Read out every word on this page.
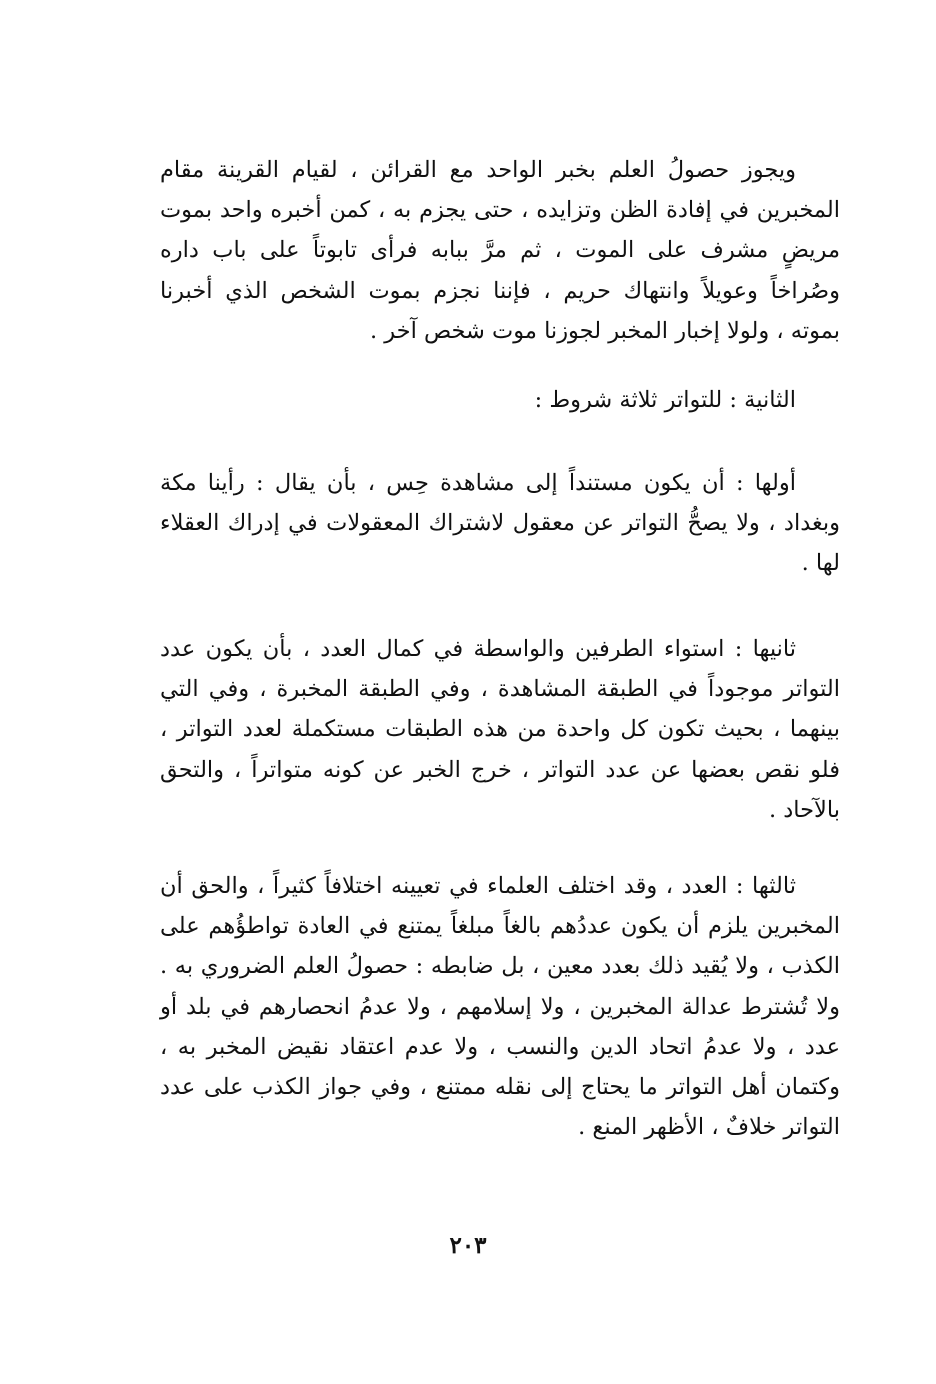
ويجوز حصولُ العلم بخبر الواحد مع القرائن ، لقيام القرينة مقام المخبرين في إفادة الظن وتزايده ، حتى يجزم به ، كمن أخبره واحد بموت مريضٍ مشرف على الموت ، ثم مرَّ ببابه فرأى تابوتاً على باب داره وصُراخاً وعويلاً وانتهاك حريم ، فإننا نجزم بموت الشخص الذي أخبرنا بموته ، ولولا إخبار المخبر لجوزنا موت شخص آخر .

الثانية : للتواتر ثلاثة شروط :

أولها : أن يكون مستنداً إلى مشاهدة حِس ، بأن يقال : رأينا مكة وبغداد ، ولا يصحُّ التواتر عن معقول لاشتراك المعقولات في إدراك العقلاء لها .

ثانيها : استواء الطرفين والواسطة في كمال العدد ، بأن يكون عدد التواتر موجوداً في الطبقة المشاهدة ، وفي الطبقة المخبرة ، وفي التي بينهما ، بحيث تكون كل واحدة من هذه الطبقات مستكملة لعدد التواتر ، فلو نقص بعضها عن عدد التواتر ، خرج الخبر عن كونه متواتراً ، والتحق بالآحاد .

ثالثها : العدد ، وقد اختلف العلماء في تعيينه اختلافاً كثيراً ، والحق أن المخبرين يلزم أن يكون عددُهم بالغاً مبلغاً يمتنع في العادة تواطؤُهم على الكذب ، ولا يُقيد ذلك بعدد معين ، بل ضابطه : حصولُ العلم الضروري به . ولا تُشترط عدالة المخبرين ، ولا إسلامهم ، ولا عدمُ انحصارهم في بلد أو عدد ، ولا عدمُ اتحاد الدين والنسب ، ولا عدم اعتقاد نقيض المخبر به ، وكتمان أهل التواتر ما يحتاج إلى نقله ممتنع ، وفي جواز الكذب على عدد التواتر خلافٌ ، الأظهر المنع .

٢٠٣
